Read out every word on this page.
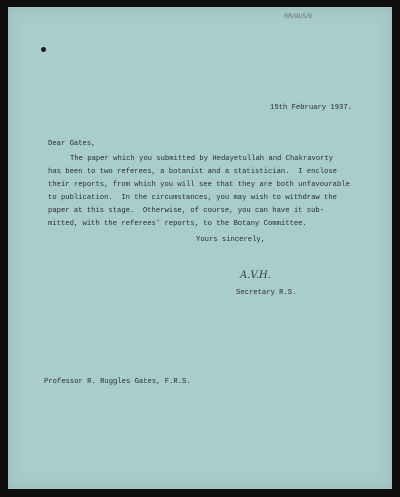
RR/W/5/9
15th February 1937.
Dear Gates,
The paper which you submitted by Hedayetullah and Chakravorty
has been to two referees, a botanist and a statistician.  I enclose
their reports, from which you will see that they are both unfavourable
to publication.  In the circumstances, you may wish to withdraw the
paper at this stage.  Otherwise, of course, you can have it sub-
mitted, with the referees' reports, to the Botany Committee.
Yours sincerely,
A.V.H.
Secretary R.S.
Professor R. Ruggles Gates, F.R.S.
